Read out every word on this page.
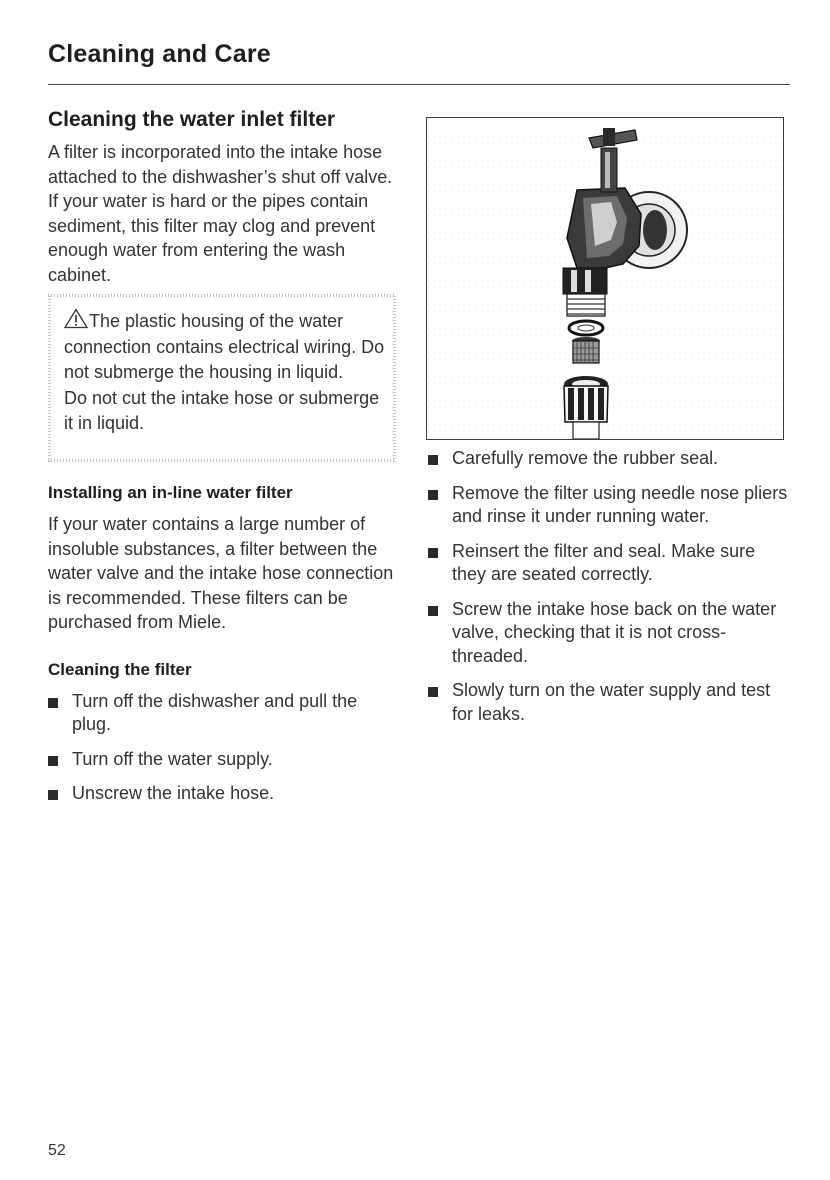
Cleaning and Care
Cleaning the water inlet filter

A filter is incorporated into the intake hose attached to the dishwasher’s shut off valve. If your water is hard or the pipes contain sediment, this filter may clog and prevent enough water from entering the wash cabinet.

The plastic housing of the water connection contains electrical wiring. Do not submerge the housing in liquid.
Do not cut the intake hose or submerge it in liquid.
Installing an in-line water filter

If your water contains a large number of insoluble substances, a filter between the water valve and the intake hose connection is recommended. These filters can be purchased from Miele.

Cleaning the filter
Turn off the dishwasher and pull the plug.
Turn off the water supply.
Unscrew the intake hose.
Carefully remove the rubber seal.
Remove the filter using needle nose pliers and rinse it under running water.
Reinsert the filter and seal. Make sure they are seated correctly.
Screw the intake hose back on the water valve, checking that it is not cross-threaded.
Slowly turn on the water supply and test for leaks.
52
